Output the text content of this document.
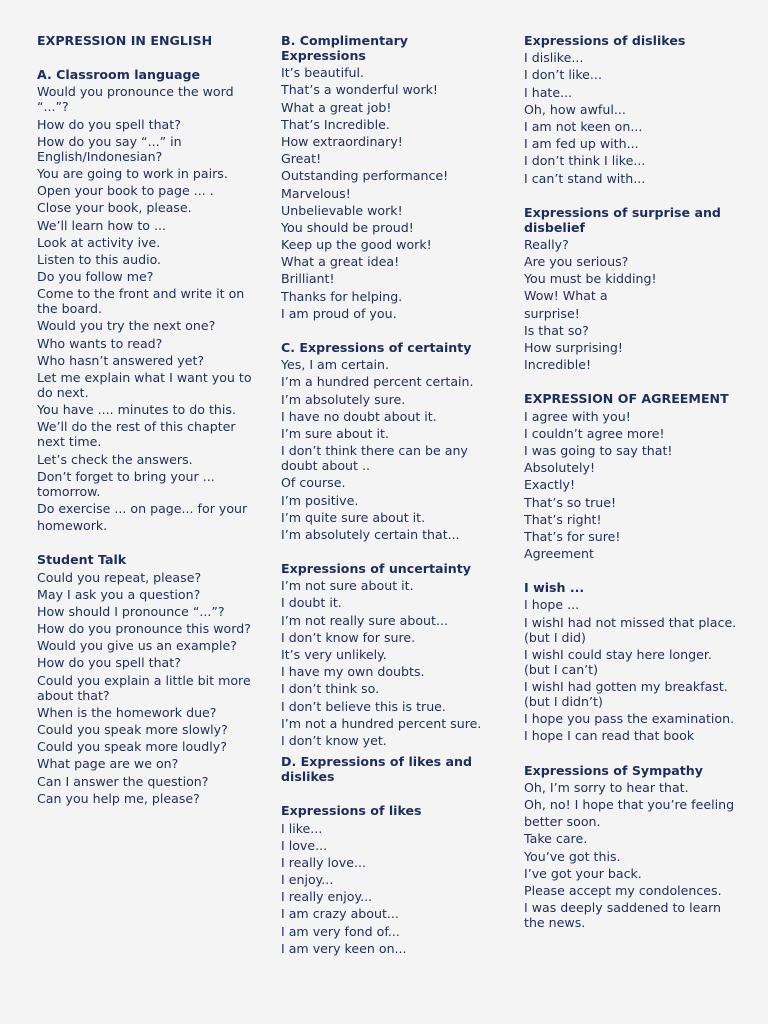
EXPRESSION IN ENGLISH
A. Classroom language
Would you pronounce the word “...”?
How do you spell that?
How do you say “...” in English/Indonesian?
You are going to work in pairs.
Open your book to page ... .
Close your book, please.
We’ll learn how to ...
Look at activity ive.
Listen to this audio.
Do you follow me?
Come to the front and write it on the board.
Would you try the next one?
Who wants to read?
Who hasn’t answered yet?
Let me explain what I want you to do next.
You have .... minutes to do this.
We’ll do the rest of this chapter next time.
Let’s check the answers.
Don’t forget to bring your ... tomorrow.
Do exercise ... on page... for your
homework.
Student Talk
Could you repeat, please?
May I ask you a question?
How should I pronounce “...”?
How do you pronounce this word?
Would you give us an example?
How do you spell that?
Could you explain a little bit more about that?
When is the homework due?
Could you speak more slowly?
Could you speak more loudly?
What page are we on?
Can I answer the question?
Can you help me, please?
B. Complimentary Expressions
It’s beautiful.
That’s a wonderful work!
What a great job!
That’s Incredible.
How extraordinary!
Great!
Outstanding performance!
Marvelous!
Unbelievable work!
You should be proud!
Keep up the good work!
What a great idea!
Brilliant!
Thanks for helping.
I am proud of you.
C. Expressions of certainty
Yes, I am certain.
I’m a hundred percent certain.
I’m absolutely sure.
I have no doubt about it.
I’m sure about it.
I don’t think there can be any doubt about ..
Of course.
I’m positive.
I’m quite sure about it.
I’m absolutely certain that...
Expressions of uncertainty
I’m not sure about it.
I doubt it.
I’m not really sure about...
I don’t know for sure.
It’s very unlikely.
I have my own doubts.
I don’t think so.
I don’t believe this is true.
I’m not a hundred percent sure.
I don’t know yet.
D. Expressions of likes and dislikes
Expressions of likes
I like...
I love...
I really love...
I enjoy...
I really enjoy...
I am crazy about...
I am very fond of...
I am very keen on...
Expressions of dislikes
I dislike...
I don’t like...
I hate...
Oh, how awful...
I am not keen on...
I am fed up with...
I don’t think I like...
I can’t stand with...
Expressions of surprise and disbelief
Really?
Are you serious?
You must be kidding!
Wow! What a
surprise!
Is that so?
How surprising!
Incredible!
EXPRESSION OF AGREEMENT
I agree with you!
I couldn’t agree more!
I was going to say that!
Absolutely!
Exactly!
That’s so true!
That’s right!
That’s for sure!
Agreement
I wish ...
I hope ...
I wishI had not missed that place. (but I did)
I wishI could stay here longer. (but I can’t)
I wishI had gotten my breakfast. (but I didn’t)
I hope you pass the examination.
I hope I can read that book
Expressions of Sympathy
Oh, I’m sorry to hear that.
Oh, no! I hope that you’re feeling
better soon.
Take care.
You’ve got this.
I’ve got your back.
Please accept my condolences.
I was deeply saddened to learn the news.
